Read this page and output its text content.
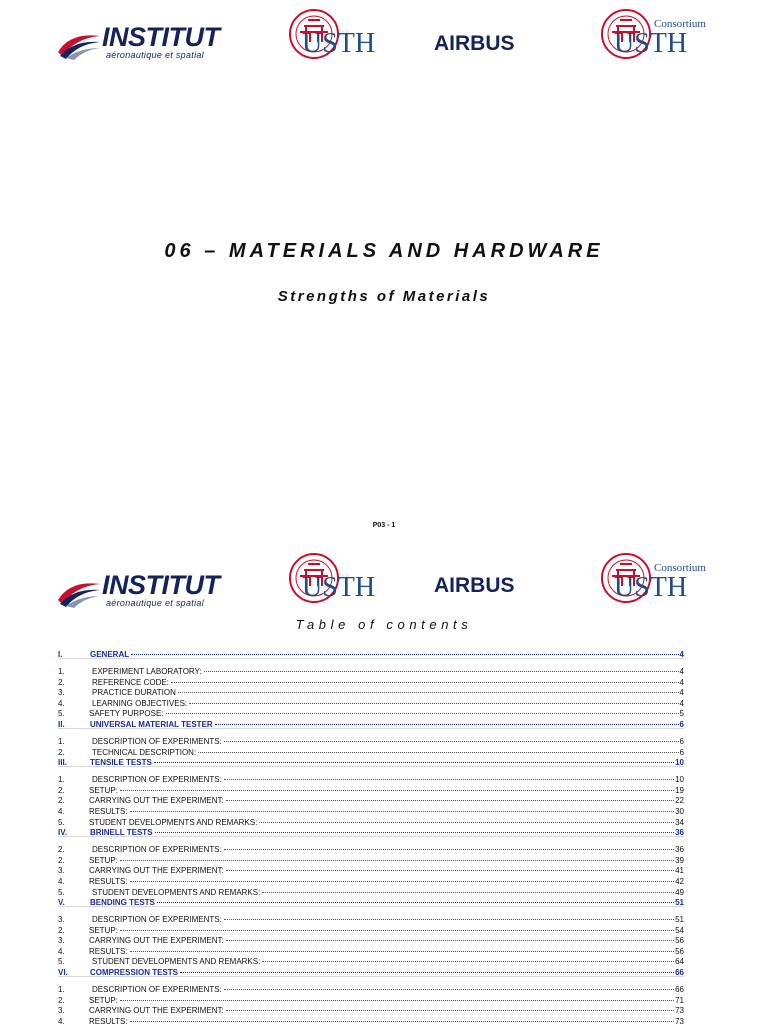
INSTITUT
aéronautique et spatial	USTH	AIRBUS
Consortium
USTH
06 – MATERIALS AND HARDWARE
Strengths of Materials
P03 - 1
INSTITUT
aéronautique et spatial	USTH	AIRBUS
Consortium
USTH
Table of contents
I.	GENERAL	4
1.	EXPERIMENT LABORATORY:	4
2.	REFERENCE CODE:	4
3.	PRACTICE DURATION	4
4.	LEARNING OBJECTIVES:	4
5.	SAFETY PURPOSE:	5
II.	UNIVERSAL MATERIAL TESTER	6
1.	DESCRIPTION OF EXPERIMENTS:	6
2.	TECHNICAL DESCRIPTION:	6
III.	TENSILE TESTS	10
1.	DESCRIPTION OF EXPERIMENTS:	10
2.	SETUP:	19
2.	CARRYING OUT THE EXPERIMENT:	22
4.	RESULTS:	30
5.	STUDENT DEVELOPMENTS AND REMARKS:	34
IV.	BRINELL TESTS	36
2.	DESCRIPTION OF EXPERIMENTS:	36
2.	SETUP:	39
3.	CARRYING OUT THE EXPERIMENT:	41
4.	RESULTS:	42
5.	STUDENT DEVELOPMENTS AND REMARKS:	49
V.	BENDING TESTS	51
3.	DESCRIPTION OF EXPERIMENTS:	51
2.	SETUP:	54
3.	CARRYING OUT THE EXPERIMENT:	56
4.	RESULTS:	56
5.	STUDENT DEVELOPMENTS AND REMARKS:	64
VI.	COMPRESSION TESTS	66
1.	DESCRIPTION OF EXPERIMENTS:	66
2.	SETUP:	71
3.	CARRYING OUT THE EXPERIMENT:	73
4.	RESULTS:	73
